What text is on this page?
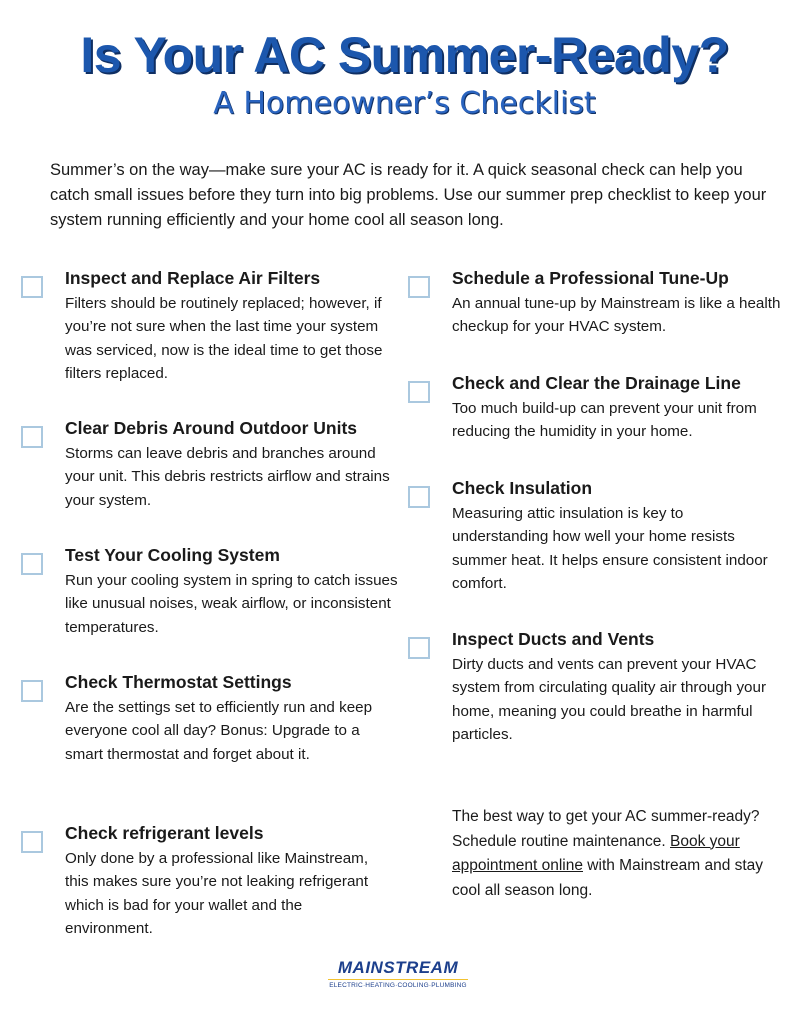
Is Your AC Summer-Ready?
A Homeowner’s Checklist

Summer’s on the way—make sure your AC is ready for it. A quick seasonal check can help you catch small issues before they turn into big problems. Use our summer prep checklist to keep your system running efficiently and your home cool all season long.

Inspect and Replace Air Filters

Filters should be routinely replaced; however, if you’re not sure when the last time your system was serviced, now is the ideal time to get those filters replaced.

Clear Debris Around Outdoor Units

Storms can leave debris and branches around your unit. This debris restricts airflow and strains your system.

Test Your Cooling System

Run your cooling system in spring to catch issues like unusual noises, weak airflow, or inconsistent temperatures.

Check Thermostat Settings

Are the settings set to efficiently run and keep everyone cool all day? Bonus: Upgrade to a smart thermostat and forget about it.

Check refrigerant levels

Only done by a professional like Mainstream, this makes sure you’re not leaking refrigerant which is bad for your wallet and the environment.

Schedule a Professional Tune-Up

An annual tune-up by Mainstream is like a health checkup for your HVAC system.

Check and Clear the Drainage Line

Too much build-up can prevent your unit from reducing the humidity in your home.

Check Insulation

Measuring attic insulation is key to understanding how well your home resists summer heat. It helps ensure consistent indoor comfort.

Inspect Ducts and Vents

Dirty ducts and vents can prevent your HVAC system from circulating quality air through your home, meaning you could breathe in harmful particles.

The best way to get your AC summer-ready? Schedule routine maintenance. Book your appointment online with Mainstream and stay cool all season long.

MAINSTREAM
ELECTRIC·HEATING·COOLING·PLUMBING
